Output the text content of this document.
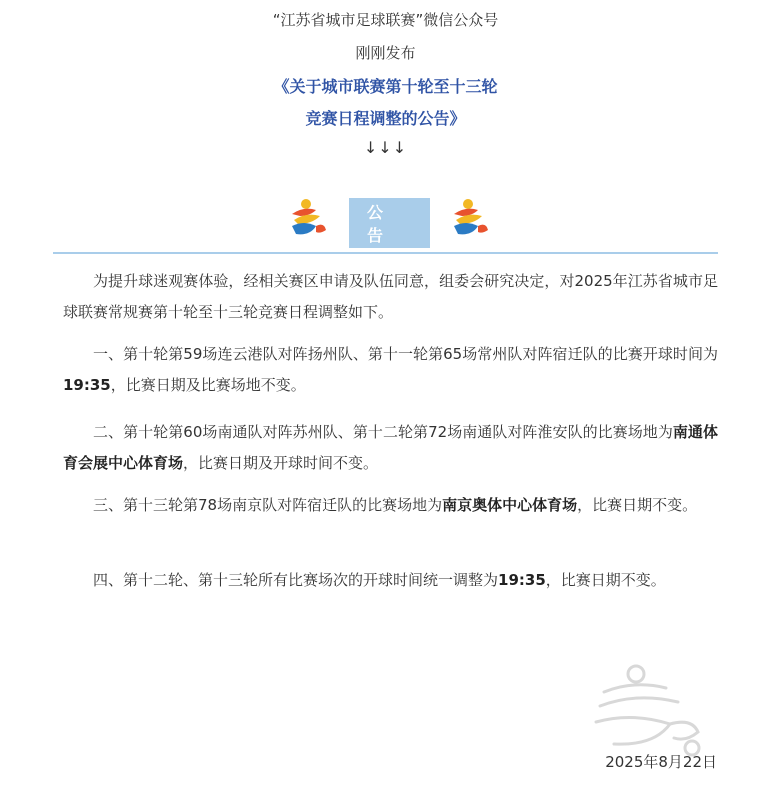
“江苏省城市足球联赛”微信公众号
刚刚发布
《关于城市联赛第十轮至十三轮
竞赛日程调整的公告》
↓↓↓
公告

为提升球迷观赛体验，经相关赛区申请及队伍同意，组委会研究决定，对2025年江苏省城市足球联赛常规赛第十轮至十三轮竞赛日程调整如下。

一、第十轮第59场连云港队对阵扬州队、第十一轮第65场常州队对阵宿迁队的比赛开球时间为19:35，比赛日期及比赛场地不变。

二、第十轮第60场南通队对阵苏州队、第十二轮第72场南通队对阵淮安队的比赛场地为南通体育会展中心体育场，比赛日期及开球时间不变。

三、第十三轮第78场南京队对阵宿迁队的比赛场地为南京奥体中心体育场，比赛日期不变。

四、第十二轮、第十三轮所有比赛场次的开球时间统一调整为19:35，比赛日期不变。

2025年8月22日
